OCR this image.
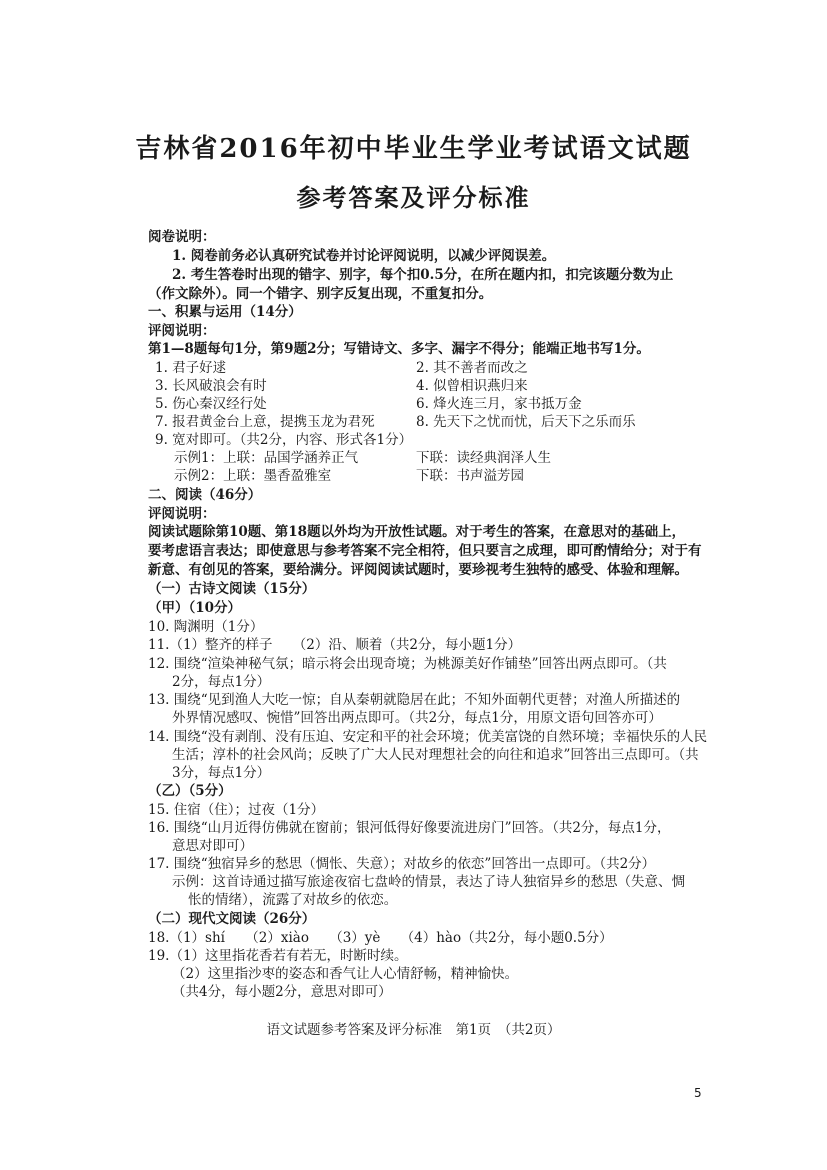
吉林省2016年初中毕业生学业考试语文试题
参考答案及评分标准
阅卷说明：
1. 阅卷前务必认真研究试卷并讨论评阅说明，以减少评阅误差。
2. 考生答卷时出现的错字、别字，每个扣0.5分，在所在题内扣，扣完该题分数为止
（作文除外）。同一个错字、别字反复出现，不重复扣分。
一、积累与运用（14分）
评阅说明：
第1—8题每句1分，第9题2分；写错诗文、多字、漏字不得分；能端正地书写1分。
1. 君子好逑	2. 其不善者而改之
3. 长风破浪会有时	4. 似曾相识燕归来
5. 伤心秦汉经行处	6. 烽火连三月，家书抵万金
7. 报君黄金台上意，提携玉龙为君死	8. 先天下之忧而忧，后天下之乐而乐
9. 宽对即可。（共2分，内容、形式各1分）
示例1：上联：品国学涵养正气	下联：读经典润泽人生
示例2：上联：墨香盈雅室	下联：书声溢芳园
二、阅读（46分）
评阅说明：
阅读试题除第10题、第18题以外均为开放性试题。对于考生的答案，在意思对的基础上，
要考虑语言表达；即使意思与参考答案不完全相符，但只要言之成理，即可酌情给分；对于有
新意、有创见的答案，要给满分。评阅阅读试题时，要珍视考生独特的感受、体验和理解。
（一）古诗文阅读（15分）
（甲）（10分）
10. 陶渊明（1分）
11.（1）整齐的样子　　（2）沿、顺着（共2分，每小题1分）
12. 围绕“渲染神秘气氛；暗示将会出现奇境；为桃源美好作铺垫”回答出两点即可。（共
2分，每点1分）
13. 围绕“见到渔人大吃一惊；自从秦朝就隐居在此；不知外面朝代更替；对渔人所描述的
外界情况感叹、惋惜”回答出两点即可。（共2分，每点1分，用原文语句回答亦可）
14. 围绕“没有剥削、没有压迫、安定和平的社会环境；优美富饶的自然环境；幸福快乐的人民
生活；淳朴的社会风尚；反映了广大人民对理想社会的向往和追求”回答出三点即可。（共
3分，每点1分）
（乙）（5分）
15. 住宿（住）；过夜（1分）
16. 围绕“山月近得仿佛就在窗前；银河低得好像要流进房门”回答。（共2分，每点1分，
意思对即可）
17. 围绕“独宿异乡的愁思（惆怅、失意）；对故乡的依恋”回答出一点即可。（共2分）
示例：这首诗通过描写旅途夜宿七盘岭的情景，表达了诗人独宿异乡的愁思（失意、惆
怅的情绪），流露了对故乡的依恋。
（二）现代文阅读（26分）
18.（1）shí　　（2）xiào　　（3）yè　　（4）hào（共2分，每小题0.5分）
19.（1）这里指花香若有若无，时断时续。
（2）这里指沙枣的姿态和香气让人心情舒畅，精神愉快。
（共4分，每小题2分，意思对即可）
语文试题参考答案及评分标准　第1页　（共2页）
5
